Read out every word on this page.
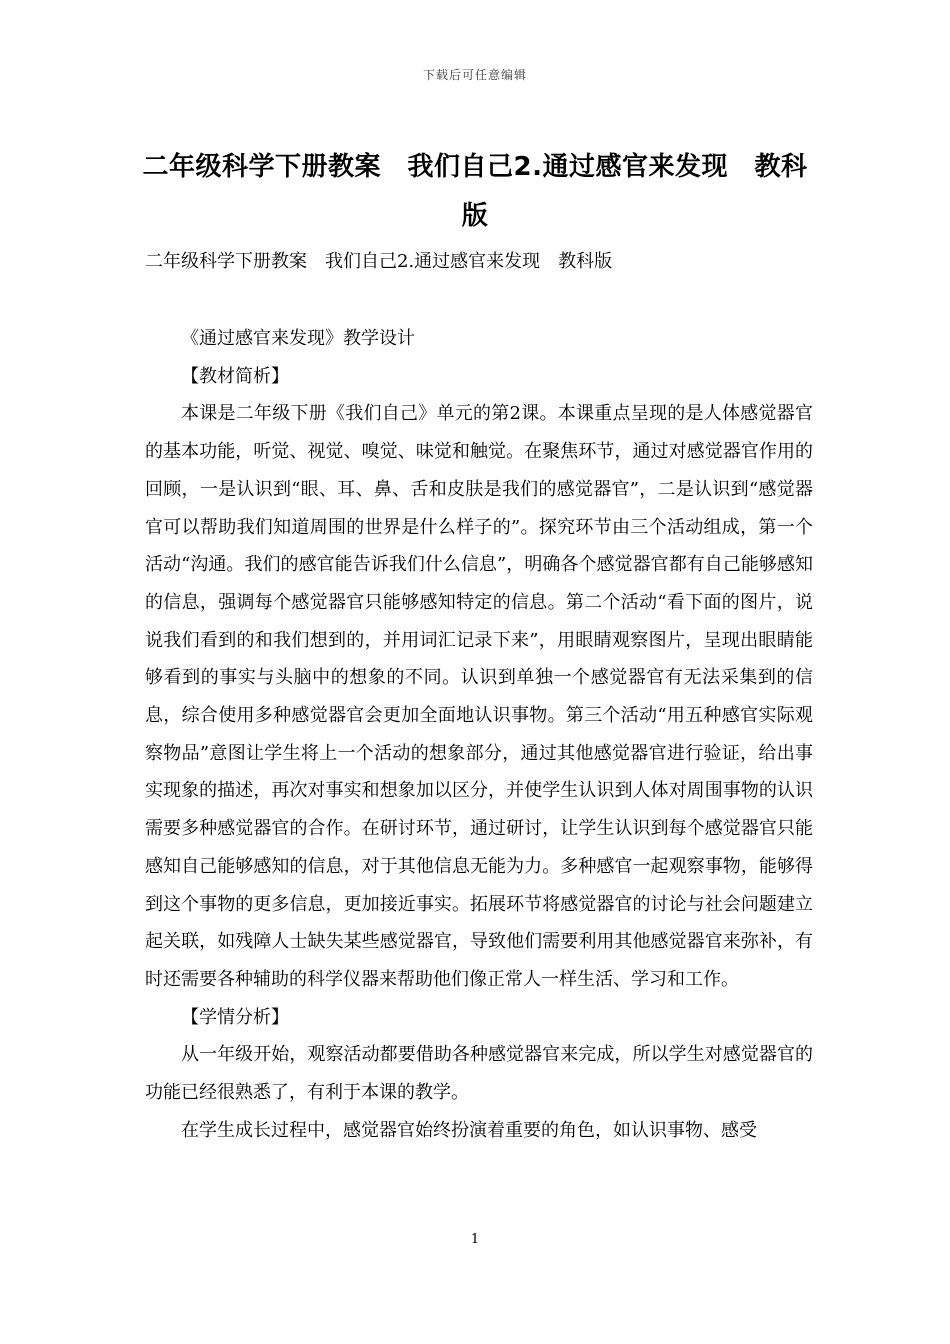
下载后可任意编辑
二年级科学下册教案　我们自己2.通过感官来发现　教科版

二年级科学下册教案　我们自己2.通过感官来发现　教科版

《通过感官来发现》教学设计

【教材简析】

本课是二年级下册《我们自己》单元的第2课。本课重点呈现的是人体感觉器官的基本功能，听觉、视觉、嗅觉、味觉和触觉。在聚焦环节，通过对感觉器官作用的回顾，一是认识到“眼、耳、鼻、舌和皮肤是我们的感觉器官”，二是认识到“感觉器官可以帮助我们知道周围的世界是什么样子的”。探究环节由三个活动组成，第一个活动“沟通。我们的感官能告诉我们什么信息”，明确各个感觉器官都有自己能够感知的信息，强调每个感觉器官只能够感知特定的信息。第二个活动“看下面的图片，说说我们看到的和我们想到的，并用词汇记录下来”，用眼睛观察图片，呈现出眼睛能够看到的事实与头脑中的想象的不同。认识到单独一个感觉器官有无法采集到的信息，综合使用多种感觉器官会更加全面地认识事物。第三个活动“用五种感官实际观察物品”意图让学生将上一个活动的想象部分，通过其他感觉器官进行验证，给出事实现象的描述，再次对事实和想象加以区分，并使学生认识到人体对周围事物的认识需要多种感觉器官的合作。在研讨环节，通过研讨，让学生认识到每个感觉器官只能感知自己能够感知的信息，对于其他信息无能为力。多种感官一起观察事物，能够得到这个事物的更多信息，更加接近事实。拓展环节将感觉器官的讨论与社会问题建立起关联，如残障人士缺失某些感觉器官，导致他们需要利用其他感觉器官来弥补，有时还需要各种辅助的科学仪器来帮助他们像正常人一样生活、学习和工作。

【学情分析】

从一年级开始，观察活动都要借助各种感觉器官来完成，所以学生对感觉器官的功能已经很熟悉了，有利于本课的教学。

在学生成长过程中，感觉器官始终扮演着重要的角色，如认识事物、感受

1
